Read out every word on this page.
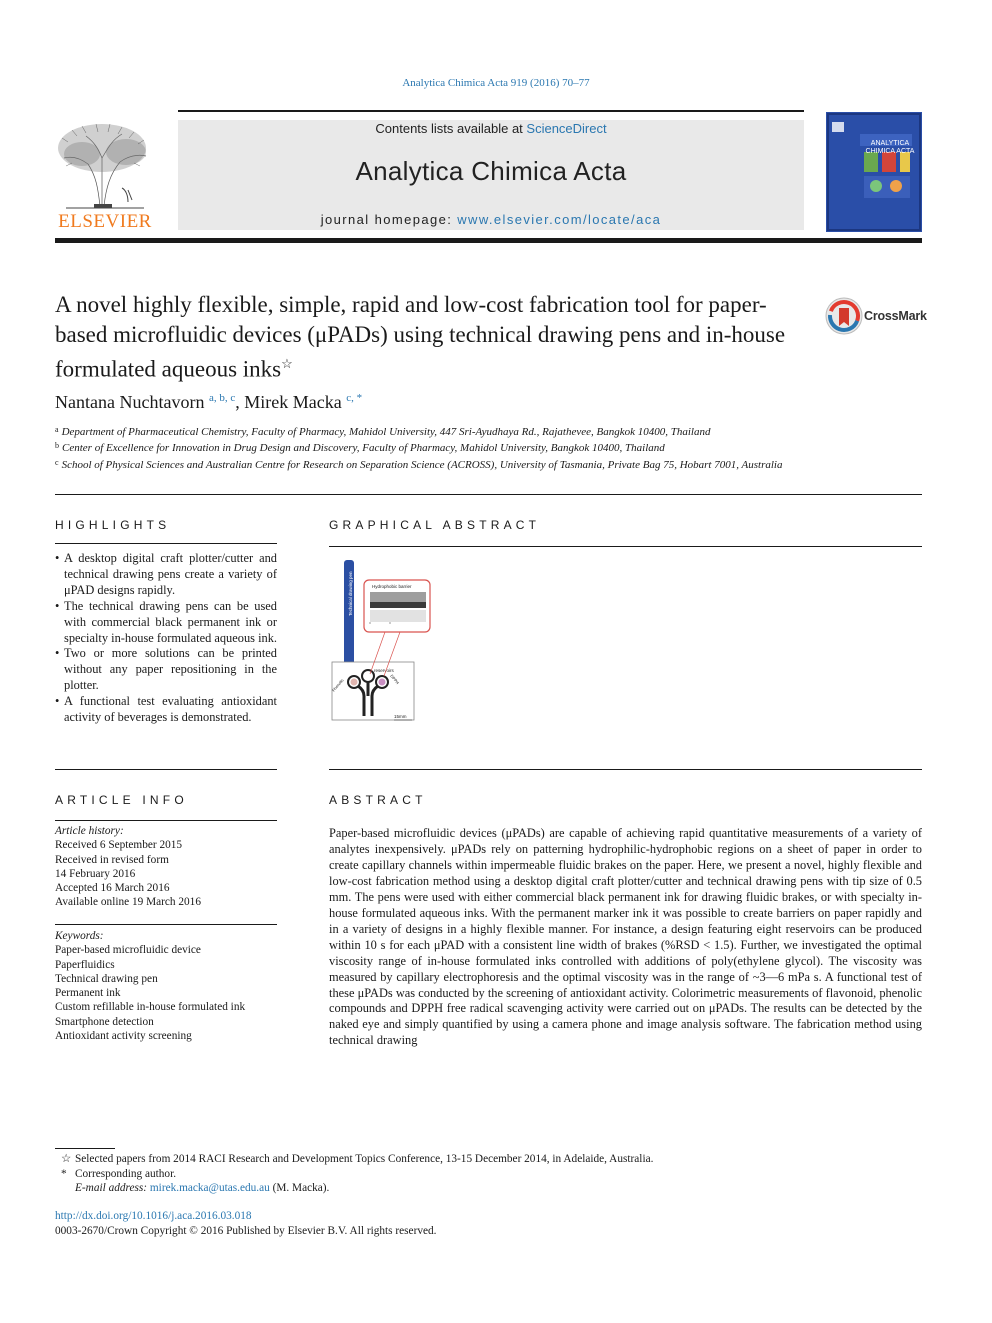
Analytica Chimica Acta 919 (2016) 70–77
ELSEVIER
Contents lists available at ScienceDirect
Analytica Chimica Acta
journal homepage: www.elsevier.com/locate/aca
ANALYTICA CHIMICA ACTA
A novel highly flexible, simple, rapid and low-cost fabrication tool for paper-based microfluidic devices (μPADs) using technical drawing pens and in-house formulated aqueous inks☆
CrossMark
Nantana Nuchtavorn $^{a, b, c}$, Mirek Macka $^{c, *}$
$^a$ Department of Pharmaceutical Chemistry, Faculty of Pharmacy, Mahidol University, 447 Sri-Ayudhaya Rd., Rajathevee, Bangkok 10400, Thailand
$^b$ Center of Excellence for Innovation in Drug Design and Discovery, Faculty of Pharmacy, Mahidol University, Bangkok 10400, Thailand
$^c$ School of Physical Sciences and Australian Centre for Research on Separation Science (ACROSS), University of Tasmania, Private Bag 75, Hobart 7001, Australia
HIGHLIGHTS
• A desktop digital craft plotter/cutter and technical drawing pens create a variety of μPAD designs rapidly.
• The technical drawing pens can be used with commercial black permanent ink or specialty in-house formulated aqueous ink.
• Two or more solutions can be printed without any paper repositioning in the plotter.
• A functional test evaluating antioxidant activity of beverages is demonstrated.
GRAPHICAL ABSTRACT
Technical drawing pen
reservoirs
Phenolic	DPPH
15mm
Hydrophobic barrier
ARTICLE INFO
Article history:
Received 6 September 2015
Received in revised form
14 February 2016
Accepted 16 March 2016
Available online 19 March 2016
Keywords:
Paper-based microfluidic device
Paperfluidics
Technical drawing pen
Permanent ink
Custom refillable in-house formulated ink
Smartphone detection
Antioxidant activity screening
ABSTRACT
Paper-based microfluidic devices (μPADs) are capable of achieving rapid quantitative measurements of a variety of analytes inexpensively. μPADs rely on patterning hydrophilic-hydrophobic regions on a sheet of paper in order to create capillary channels within impermeable fluidic brakes on the paper. Here, we present a novel, highly flexible and low-cost fabrication method using a desktop digital craft plotter/cutter and technical drawing pens with tip size of 0.5 mm. The pens were used with either commercial black permanent ink for drawing fluidic brakes, or with specialty in-house formulated aqueous inks. With the permanent marker ink it was possible to create barriers on paper rapidly and in a variety of designs in a highly flexible manner. For instance, a design featuring eight reservoirs can be produced within 10 s for each μPAD with a consistent line width of brakes (%RSD < 1.5). Further, we investigated the optimal viscosity range of in-house formulated inks controlled with additions of poly(ethylene glycol). The viscosity was measured by capillary electrophoresis and the optimal viscosity was in the range of ~3—6 mPa s. A functional test of these μPADs was conducted by the screening of antioxidant activity. Colorimetric measurements of flavonoid, phenolic compounds and DPPH free radical scavenging activity were carried out on μPADs. The results can be detected by the naked eye and simply quantified by using a camera phone and image analysis software. The fabrication method using technical drawing
☆ Selected papers from 2014 RACI Research and Development Topics Conference, 13-15 December 2014, in Adelaide, Australia.
* Corresponding author.
E-mail address: mirek.macka@utas.edu.au (M. Macka).
http://dx.doi.org/10.1016/j.aca.2016.03.018
0003-2670/Crown Copyright © 2016 Published by Elsevier B.V. All rights reserved.
